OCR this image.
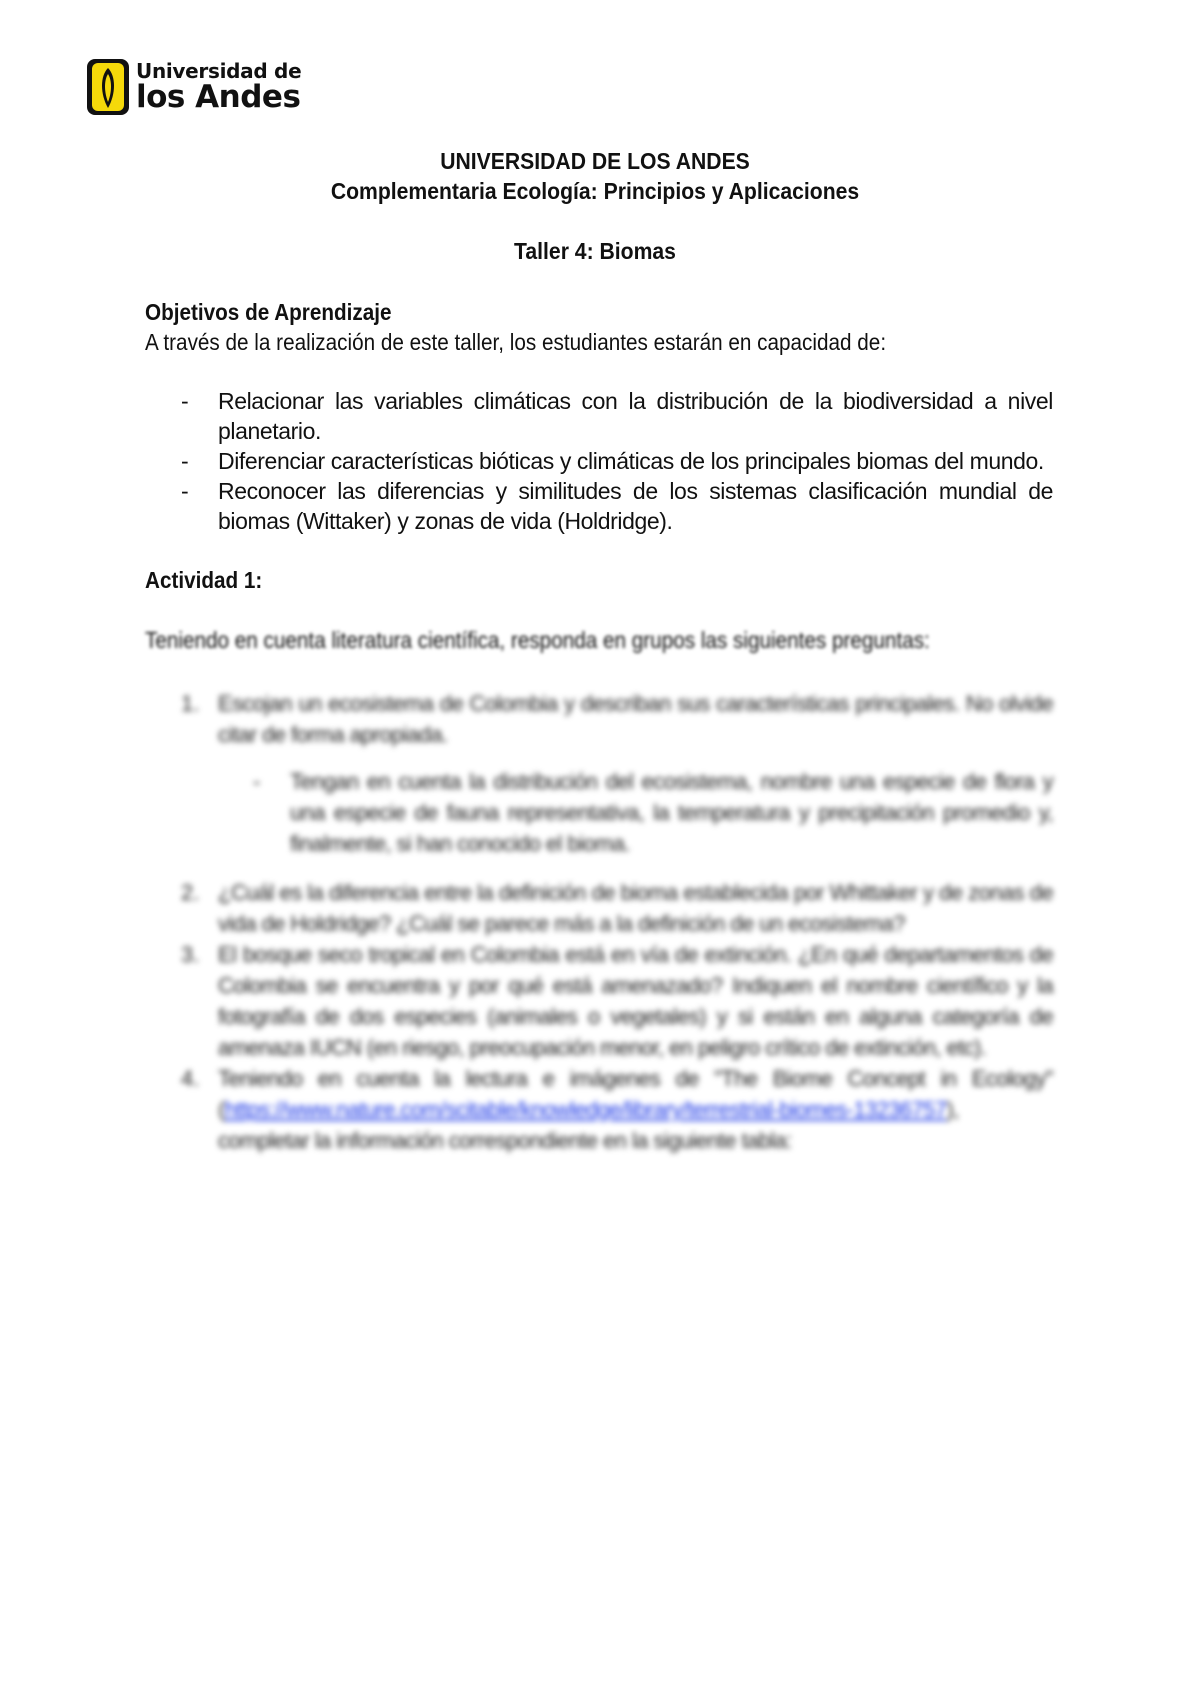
Universidad de
los Andes
UNIVERSIDAD DE LOS ANDES
Complementaria Ecología: Principios y Aplicaciones
Taller 4: Biomas
Objetivos de Aprendizaje
A través de la realización de este taller, los estudiantes estarán en capacidad de:
-	Relacionar las variables climáticas con la distribución de la biodiversidad a nivel planetario.
-	Diferenciar características bióticas y climáticas de los principales biomas del mundo.
-	Reconocer las diferencias y similitudes de los sistemas clasificación mundial de biomas (Wittaker) y zonas de vida (Holdridge).
Actividad 1:
Teniendo en cuenta literatura científica, responda en grupos las siguientes preguntas:
1. Escojan un ecosistema de Colombia y describan sus características principales. No olvide citar de forma apropiada.
-	Tengan en cuenta la distribución del ecosistema, nombre una especie de flora y una especie de fauna representativa, la temperatura y precipitación promedio y, finalmente, si han conocido el bioma.
2. ¿Cuál es la diferencia entre la definición de bioma establecida por Whittaker y de zonas de vida de Holdridge? ¿Cuál se parece más a la definición de un ecosistema?
3. El bosque seco tropical en Colombia está en vía de extinción. ¿En qué departamentos de Colombia se encuentra y por qué está amenazado? Indiquen el nombre científico y la fotografía de dos especies (animales o vegetales) y si están en alguna categoría de amenaza IUCN (en riesgo, preocupación menor, en peligro crítico de extinción, etc).
4. Teniendo en cuenta la lectura e imágenes de "The Biome Concept in Ecology" (https://www.nature.com/scitable/knowledge/library/terrestrial-biomes-13236757), completar la información correspondiente en la siguiente tabla:
